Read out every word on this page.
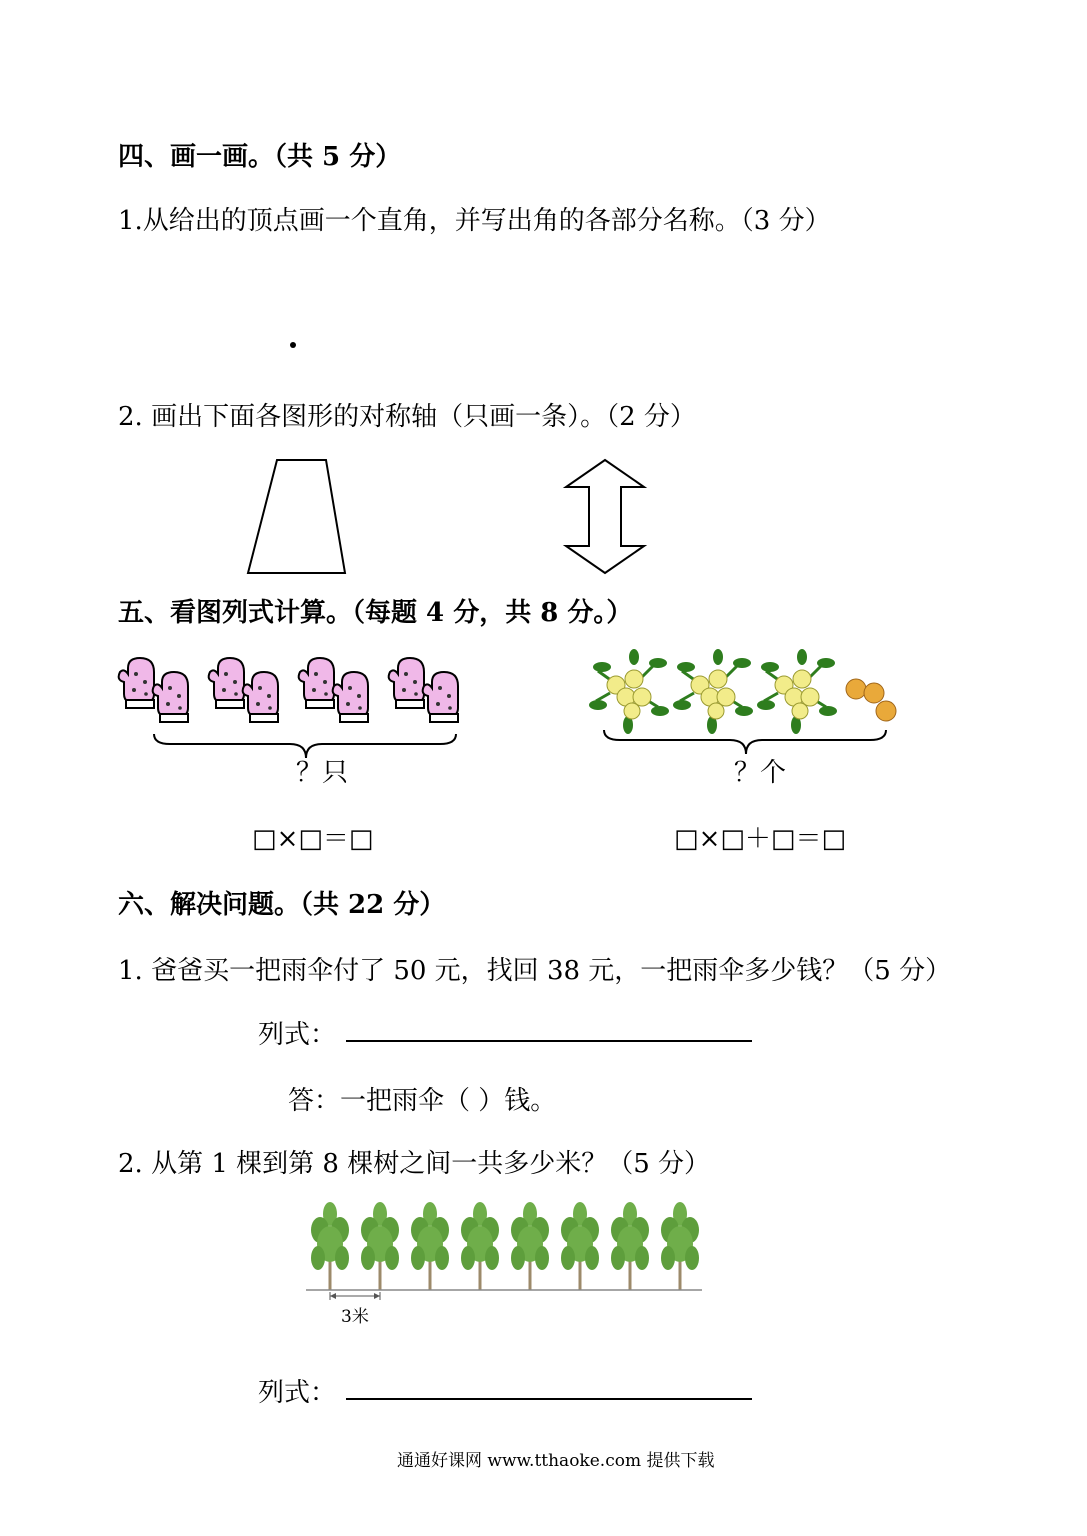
四、画一画。（共 5 分）
1.从给出的顶点画一个直角，并写出角的各部分名称。（3 分）
2. 画出下面各图形的对称轴（只画一条）。（2 分）
五、看图列式计算。（每题 4 分，共 8 分。）
？只
□×□＝□
？个
□×□＋□＝□
六、解决问题。（共 22 分）
1. 爸爸买一把雨伞付了 50 元，找回 38 元，一把雨伞多少钱？（5 分）
列式：
答：一把雨伞（ ）钱。
2. 从第 1 棵到第 8 棵树之间一共多少米？（5 分）
3米
列式：
通通好课网 www.tthaoke.com 提供下载
